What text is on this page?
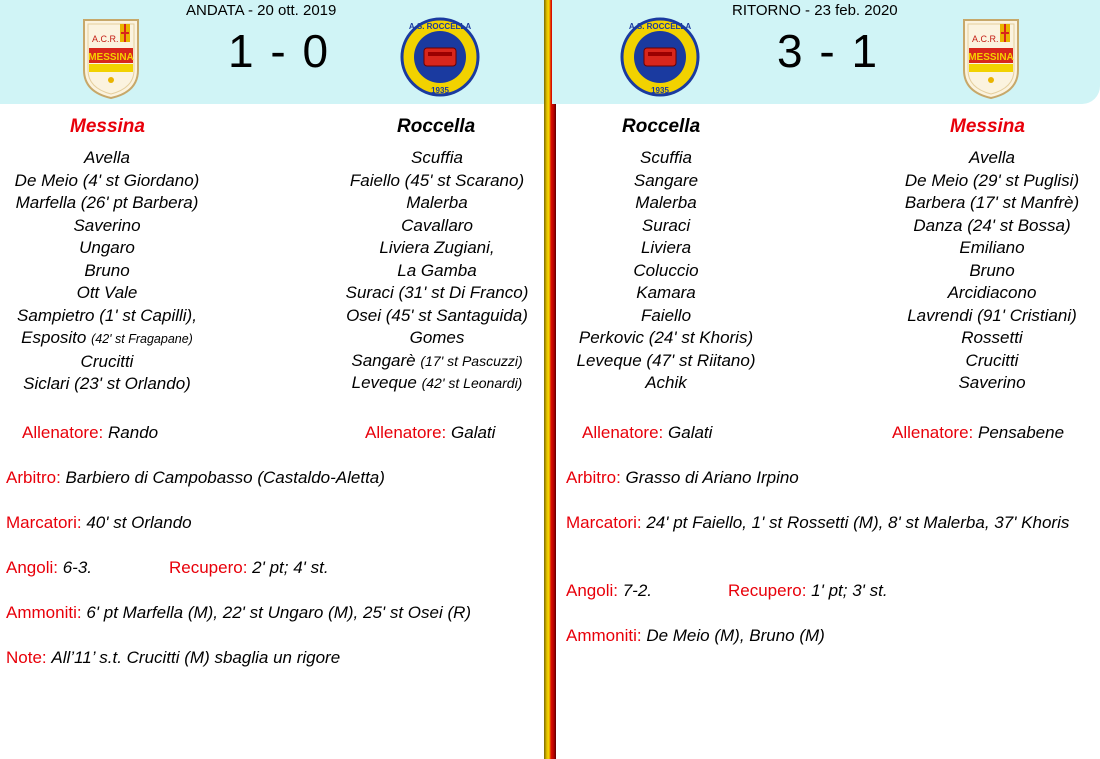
ANDATA - 20 ott. 2019
1 - 0
A.C.R.
MESSINA
A.S. ROCCELLA
1935
Messina	Roccella
Avella
De Meio (4' st Giordano)
Marfella (26' pt Barbera)
Saverino
Ungaro
Bruno
Ott Vale
Sampietro (1' st Capilli),
Esposito (42' st Fragapane)
Crucitti
Siclari (23' st Orlando)
Scuffia
Faiello (45' st Scarano)
Malerba
Cavallaro
Liviera Zugiani,
La Gamba
Suraci (31' st Di Franco)
Osei (45' st Santaguida)
Gomes
Sangarè (17' st Pascuzzi)
Leveque (42' st Leonardi)
Allenatore: Rando	Allenatore: Galati
Arbitro: Barbiero di Campobasso (Castaldo-Aletta)
Marcatori: 40' st Orlando
Angoli: 6-3.	Recupero: 2' pt; 4' st.
Ammoniti: 6' pt Marfella (M), 22' st Ungaro (M), 25' st Osei (R)
Note: All’11’ s.t. Crucitti (M) sbaglia un rigore
RITORNO - 23 feb. 2020
3 - 1
A.S. ROCCELLA
1935
A.C.R.
MESSINA
Roccella	Messina
Scuffia
Sangare
Malerba
Suraci
Liviera
Coluccio
Kamara
Faiello
Perkovic (24' st Khoris)
Leveque (47' st Riitano)
Achik
Avella
De Meio (29' st Puglisi)
Barbera (17' st Manfrè)
Danza (24' st Bossa)
Emiliano
Bruno
Arcidiacono
Lavrendi (91' Cristiani)
Rossetti
Crucitti
Saverino
Allenatore: Galati	Allenatore: Pensabene
Arbitro: Grasso di Ariano Irpino
Marcatori: 24' pt Faiello, 1' st Rossetti (M), 8' st Malerba, 37' Khoris
Angoli: 7-2.	Recupero: 1' pt; 3' st.
Ammoniti: De Meio (M), Bruno (M)
